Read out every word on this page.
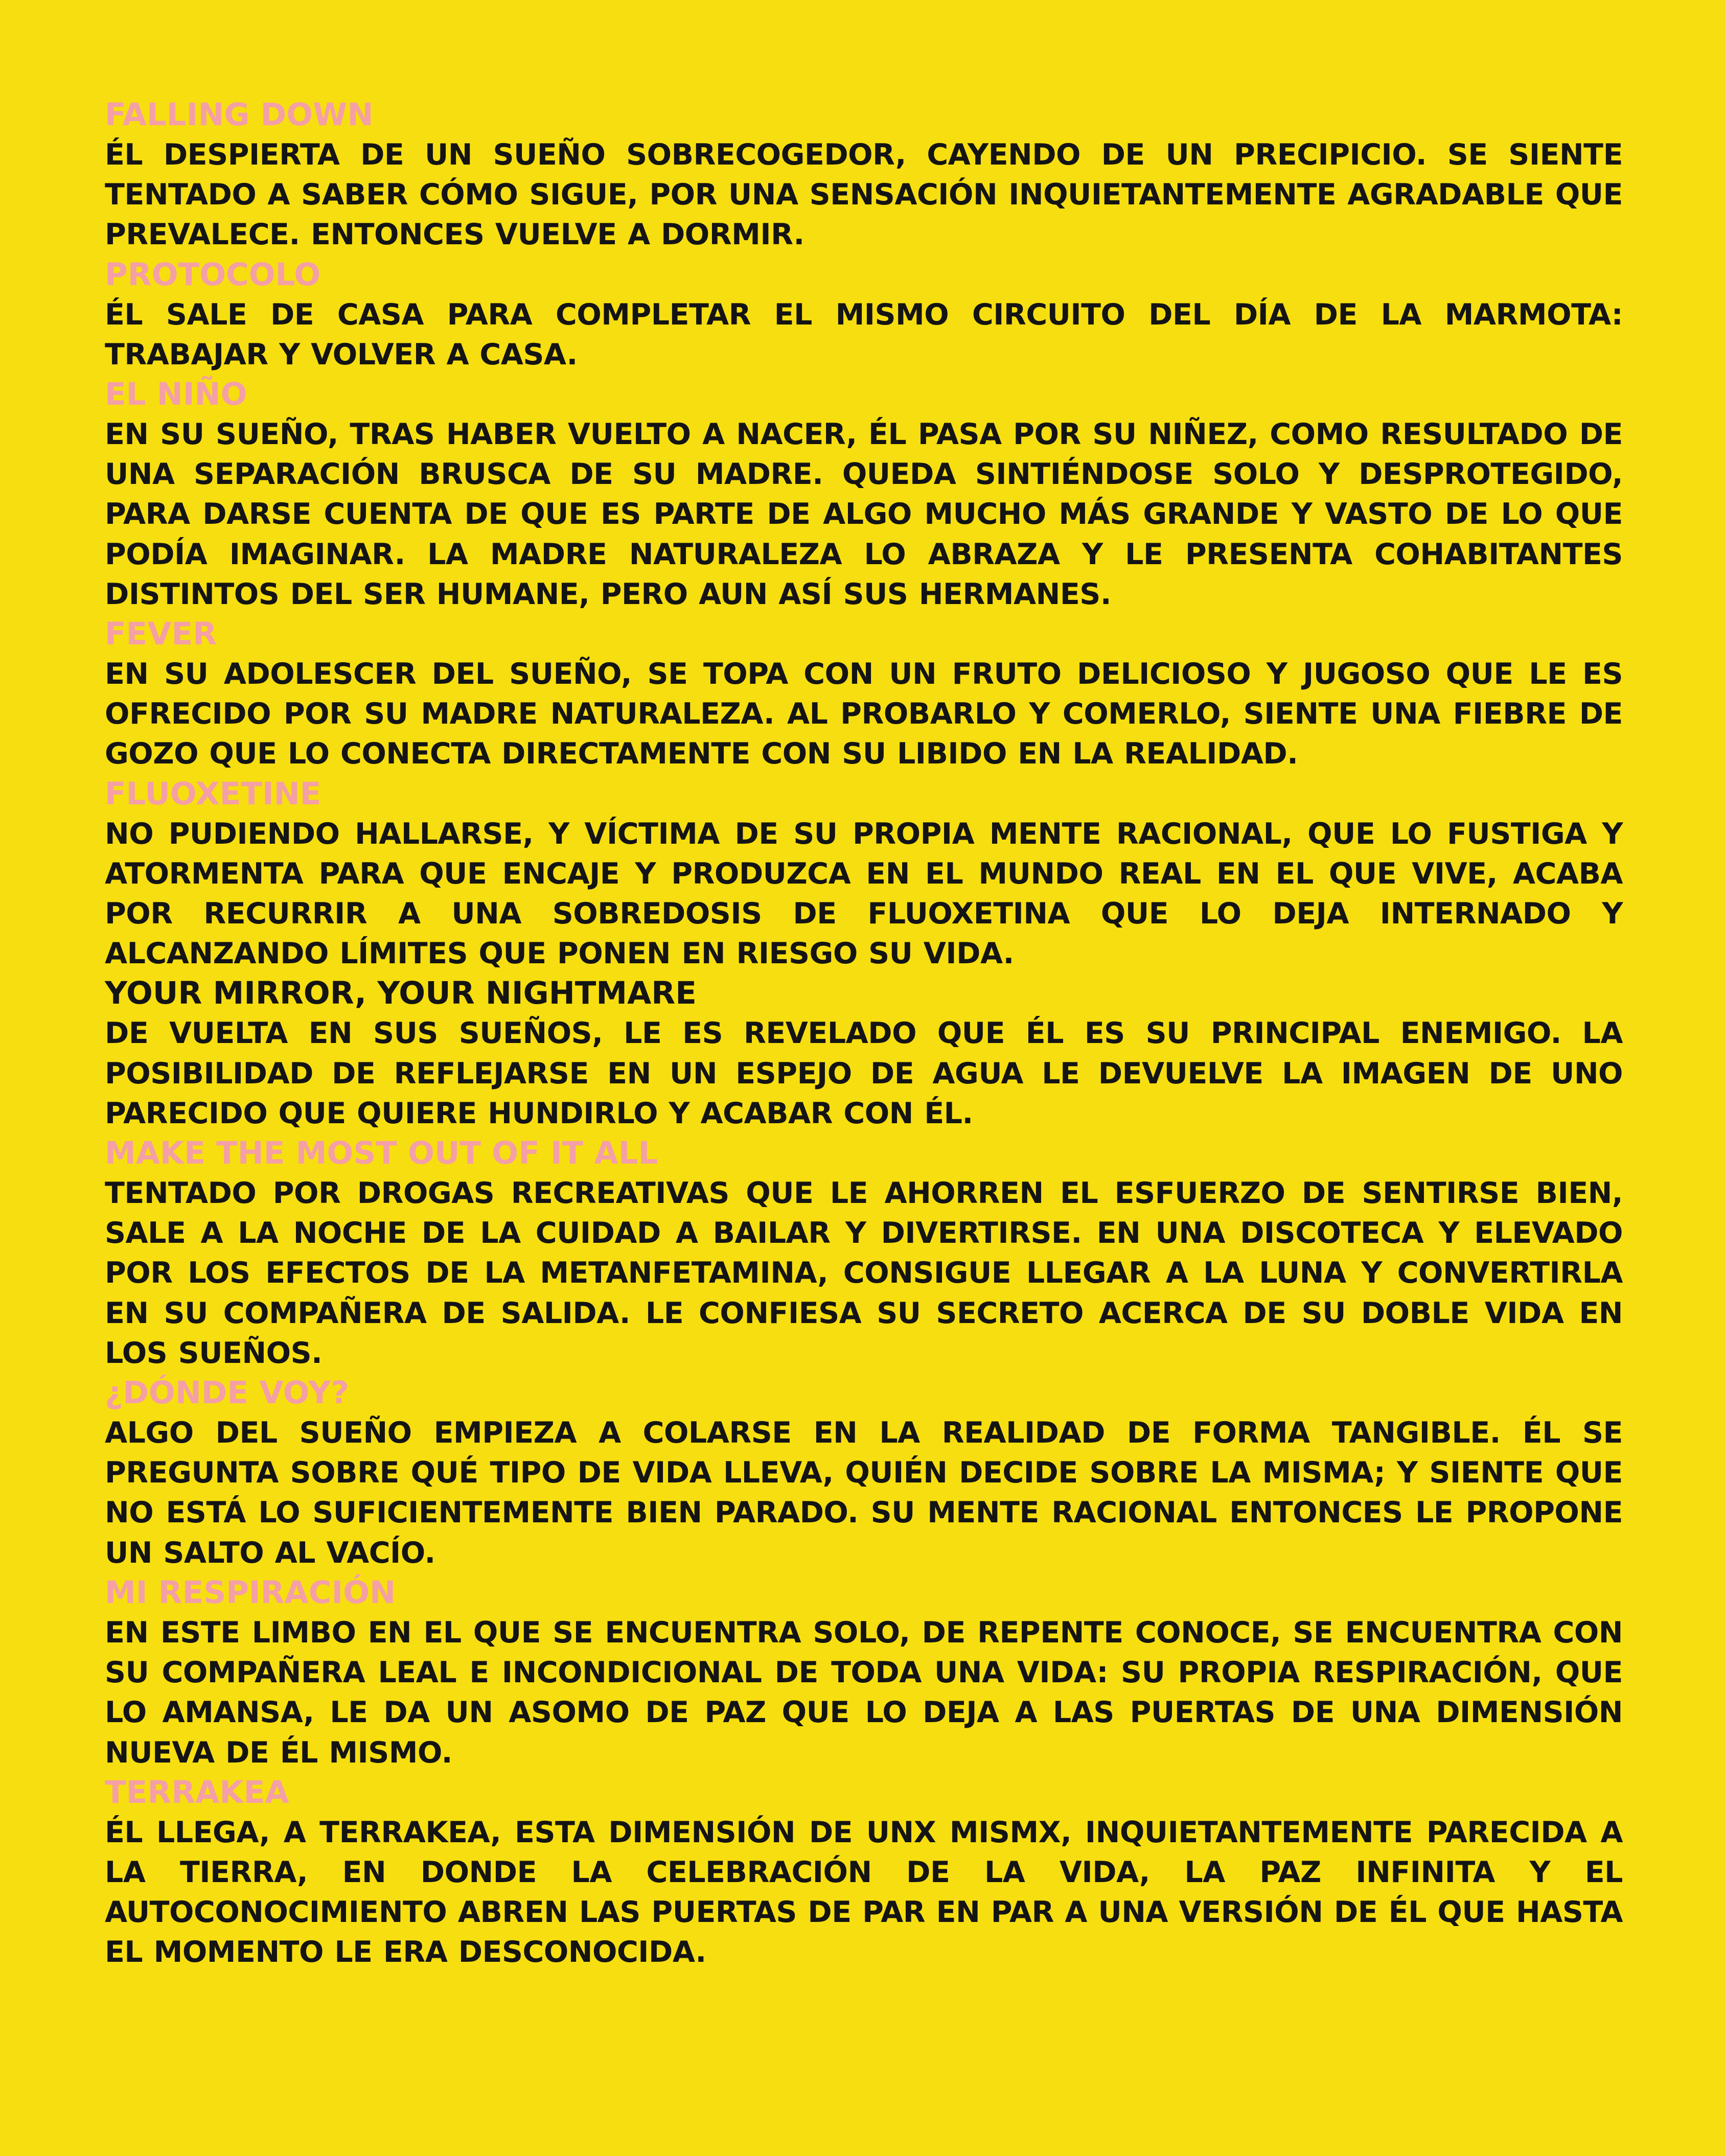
FALLING DOWN

ÉL DESPIERTA DE UN SUEÑO SOBRECOGEDOR, CAYENDO DE UN PRECIPICIO. SE SIENTE TENTADO A SABER CÓMO SIGUE, POR UNA SENSACIÓN INQUIETANTEMENTE AGRADABLE QUE PREVALECE. ENTONCES VUELVE A DORMIR.

PROTOCOLO

ÉL SALE DE CASA PARA COMPLETAR EL MISMO CIRCUITO DEL DÍA DE LA MARMOTA: TRABAJAR Y VOLVER A CASA.

EL NIÑO

EN SU SUEÑO, TRAS HABER VUELTO A NACER, ÉL PASA POR SU NIÑEZ, COMO RESULTADO DE UNA SEPARACIÓN BRUSCA DE SU MADRE. QUEDA SINTIÉNDOSE SOLO Y DESPROTEGIDO, PARA DARSE CUENTA DE QUE ES PARTE DE ALGO MUCHO MÁS GRANDE Y VASTO DE LO QUE PODÍA IMAGINAR. LA MADRE NATURALEZA LO ABRAZA Y LE PRESENTA COHABITANTES DISTINTOS DEL SER HUMANE, PERO AUN ASÍ SUS HERMANES.

FEVER

EN SU ADOLESCER DEL SUEÑO, SE TOPA CON UN FRUTO DELICIOSO Y JUGOSO QUE LE ES OFRECIDO POR SU MADRE NATURALEZA. AL PROBARLO Y COMERLO, SIENTE UNA FIEBRE DE GOZO QUE LO CONECTA DIRECTAMENTE CON SU LIBIDO EN LA REALIDAD.

FLUOXETINE

NO PUDIENDO HALLARSE, Y VÍCTIMA DE SU PROPIA MENTE RACIONAL, QUE LO FUSTIGA Y ATORMENTA PARA QUE ENCAJE Y PRODUZCA EN EL MUNDO REAL EN EL QUE VIVE, ACABA POR RECURRIR A UNA SOBREDOSIS DE FLUOXETINA QUE LO DEJA INTERNADO Y ALCANZANDO LÍMITES QUE PONEN EN RIESGO SU VIDA.

YOUR MIRROR, YOUR NIGHTMARE

DE VUELTA EN SUS SUEÑOS, LE ES REVELADO QUE ÉL ES SU PRINCIPAL ENEMIGO. LA POSIBILIDAD DE REFLEJARSE EN UN ESPEJO DE AGUA LE DEVUELVE LA IMAGEN DE UNO PARECIDO QUE QUIERE HUNDIRLO Y ACABAR CON ÉL.

MAKE THE MOST OUT OF IT ALL

TENTADO POR DROGAS RECREATIVAS QUE LE AHORREN EL ESFUERZO DE SENTIRSE BIEN, SALE A LA NOCHE DE LA CUIDAD A BAILAR Y DIVERTIRSE. EN UNA DISCOTECA Y ELEVADO POR LOS EFECTOS DE LA METANFETAMINA, CONSIGUE LLEGAR A LA LUNA Y CONVERTIRLA EN SU COMPAÑERA DE SALIDA. LE CONFIESA SU SECRETO ACERCA DE SU DOBLE VIDA EN LOS SUEÑOS.

¿DÓNDE VOY?

ALGO DEL SUEÑO EMPIEZA A COLARSE EN LA REALIDAD DE FORMA TANGIBLE. ÉL SE PREGUNTA SOBRE QUÉ TIPO DE VIDA LLEVA, QUIÉN DECIDE SOBRE LA MISMA; Y SIENTE QUE NO ESTÁ LO SUFICIENTEMENTE BIEN PARADO. SU MENTE RACIONAL ENTONCES LE PROPONE UN SALTO AL VACÍO.

MI RESPIRACIÓN

EN ESTE LIMBO EN EL QUE SE ENCUENTRA SOLO, DE REPENTE CONOCE, SE ENCUENTRA CON SU COMPAÑERA LEAL E INCONDICIONAL DE TODA UNA VIDA: SU PROPIA RESPIRACIÓN, QUE LO AMANSA, LE DA UN ASOMO DE PAZ QUE LO DEJA A LAS PUERTAS DE UNA DIMENSIÓN NUEVA DE ÉL MISMO.

TERRAKEA

ÉL LLEGA, A TERRAKEA, ESTA DIMENSIÓN DE UNX MISMX, INQUIETANTEMENTE PARECIDA A LA TIERRA, EN DONDE LA CELEBRACIÓN DE LA VIDA, LA PAZ INFINITA Y EL AUTOCONOCIMIENTO ABREN LAS PUERTAS DE PAR EN PAR A UNA VERSIÓN DE ÉL QUE HASTA EL MOMENTO LE ERA DESCONOCIDA.
